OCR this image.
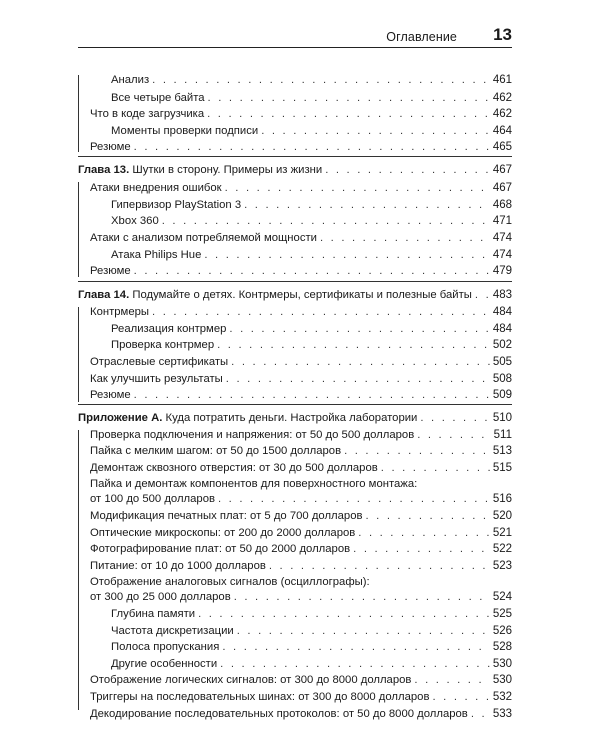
Оглавление 13
Анализ . . .	461
Все четыре байта . . .	462
Что в коде загрузчика . . .	462
Моменты проверки подписи . . .	464
Резюме . . .	465
Глава 13. Шутки в сторону. Примеры из жизни . . .	467
Атаки внедрения ошибок . . .	467
Гипервизор PlayStation 3 . . .	468
Xbox 360 . . .	471
Атаки с анализом потребляемой мощности . . .	474
Атака Philips Hue . . .	474
Резюме . . .	479
Глава 14. Подумайте о детях. Контрмеры, сертификаты и полезные байты . . . 483
Контрмеры . . .	484
Реализация контрмер . . .	484
Проверка контрмер . . .	502
Отраслевые сертификаты . . .	505
Как улучшить результаты . . .	508
Резюме . . .	509
Приложение А. Куда потратить деньги. Настройка лаборатории . . .	510
Проверка подключения и напряжения: от 50 до 500 долларов . . .	511
Пайка с мелким шагом: от 50 до 1500 долларов . . .	513
Демонтаж сквозного отверстия: от 30 до 500 долларов . . .	515
Пайка и демонтаж компонентов для поверхностного монтажа:
от 100 до 500 долларов . . .	516
Модификация печатных плат: от 5 до 700 долларов . . .	520
Оптические микроскопы: от 200 до 2000 долларов . . .	521
Фотографирование плат: от 50 до 2000 долларов . . .	522
Питание: от 10 до 1000 долларов . . .	523
Отображение аналоговых сигналов (осциллографы):
от 300 до 25 000 долларов . . .	524
Глубина памяти . . .	525
Частота дискретизации . . .	526
Полоса пропускания . . .	528
Другие особенности . . .	530
Отображение логических сигналов: от 300 до 8000 долларов . . .	530
Триггеры на последовательных шинах: от 300 до 8000 долларов . . .	532
Декодирование последовательных протоколов: от 50 до 8000 долларов . . . 533
